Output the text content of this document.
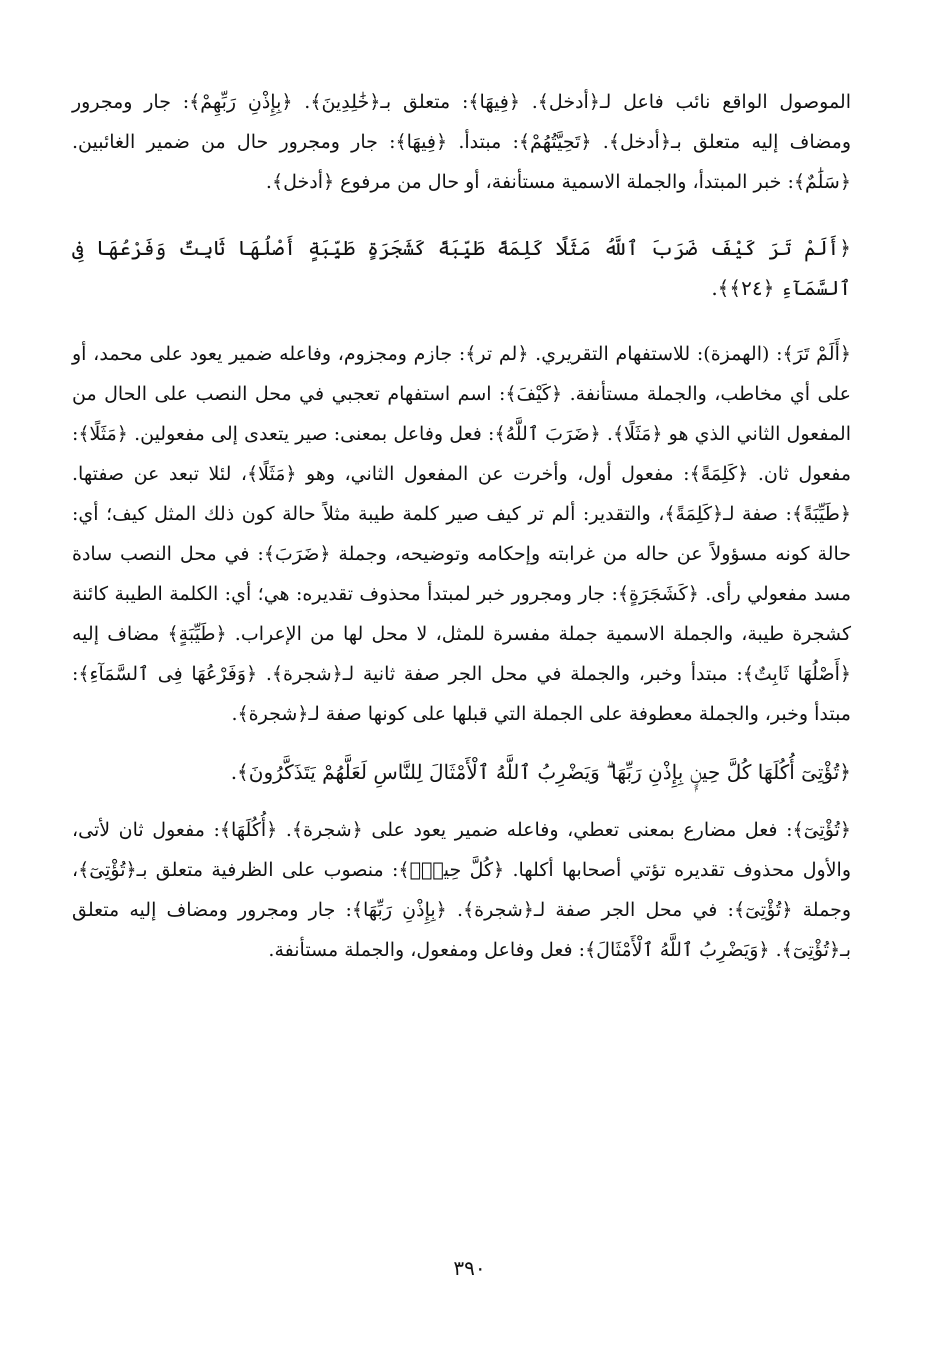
الموصول الواقع نائب فاعل لـ﴿أدخل﴾. ﴿فِيهَا﴾: متعلق بـ﴿خَٰلِدِينَ﴾. ﴿بِإِذْنِ رَبِّهِمْ﴾: جار ومجرور ومضاف إليه متعلق بـ﴿أدخل﴾. ﴿تَحِيَّتُهُمْ﴾: مبتدأ. ﴿فِيهَا﴾: جار ومجرور حال من ضمير الغائبين. ﴿سَلَٰمٌ﴾: خبر المبتدأ، والجملة الاسمية مستأنفة، أو حال من مرفوع ﴿أدخل﴾.

﴿أَلَمْ تَرَ كَيْفَ ضَرَبَ ٱللَّهُ مَثَلًا كَلِمَةً طَيِّبَةً كَشَجَرَةٍ طَيِّبَةٍ أَصْلُهَا ثَابِتٌ وَفَرْعُهَا فِى ٱلسَّمَآءِ ﴿٢٤﴾﴾.

﴿أَلَمْ تَرَ﴾: (الهمزة): للاستفهام التقريري. ﴿لم تر﴾: جازم ومجزوم، وفاعله ضمير يعود على محمد، أو على أي مخاطب، والجملة مستأنفة. ﴿كَيْفَ﴾: اسم استفهام تعجبي في محل النصب على الحال من المفعول الثاني الذي هو ﴿مَثَلًا﴾. ﴿ضَرَبَ ٱللَّهُ﴾: فعل وفاعل بمعنى: صير يتعدى إلى مفعولين. ﴿مَثَلًا﴾: مفعول ثان. ﴿كَلِمَةً﴾: مفعول أول، وأخرت عن المفعول الثاني، وهو ﴿مَثَلًا﴾، لئلا تبعد عن صفتها. ﴿طَيِّبَةً﴾: صفة لـ﴿كَلِمَةً﴾، والتقدير: ألم تر كيف صير كلمة طيبة مثلاً حالة كون ذلك المثل كيف؛ أي: حالة كونه مسؤولاً عن حاله من غرابته وإحكامه وتوضيحه، وجملة ﴿ضَرَبَ﴾: في محل النصب سادة مسد مفعولي رأى. ﴿كَشَجَرَةٍ﴾: جار ومجرور خبر لمبتدأ محذوف تقديره: هي؛ أي: الكلمة الطيبة كائنة كشجرة طيبة، والجملة الاسمية جملة مفسرة للمثل، لا محل لها من الإعراب. ﴿طَيِّبَةٍ﴾ مضاف إليه ﴿أَصْلُهَا ثَابِتٌ﴾: مبتدأ وخبر، والجملة في محل الجر صفة ثانية لـ﴿شجرة﴾. ﴿وَفَرْعُهَا فِى ٱلسَّمَآءِ﴾: مبتدأ وخبر، والجملة معطوفة على الجملة التي قبلها على كونها صفة لـ﴿شجرة﴾.

﴿تُؤْتِىٓ أُكُلَهَا كُلَّ حِينٍۭ بِإِذْنِ رَبِّهَا ۗ وَيَضْرِبُ ٱللَّهُ ٱلْأَمْثَالَ لِلنَّاسِ لَعَلَّهُمْ يَتَذَكَّرُونَ﴾.

﴿تُؤْتِىٓ﴾: فعل مضارع بمعنى تعطي، وفاعله ضمير يعود على ﴿شجرة﴾. ﴿أُكُلَهَا﴾: مفعول ثان لأتى، والأول محذوف تقديره تؤتي أصحابها أكلها. ﴿كُلَّ حِينٍۭ﴾: منصوب على الظرفية متعلق بـ﴿تُؤْتِىٓ﴾، وجملة ﴿تُؤْتِىٓ﴾: في محل الجر صفة لـ﴿شجرة﴾. ﴿بِإِذْنِ رَبِّهَا﴾: جار ومجرور ومضاف إليه متعلق بـ﴿تُؤْتِىٓ﴾. ﴿وَيَضْرِبُ ٱللَّهُ ٱلْأَمْثَالَ﴾: فعل وفاعل ومفعول، والجملة مستأنفة.

٣٩٠
